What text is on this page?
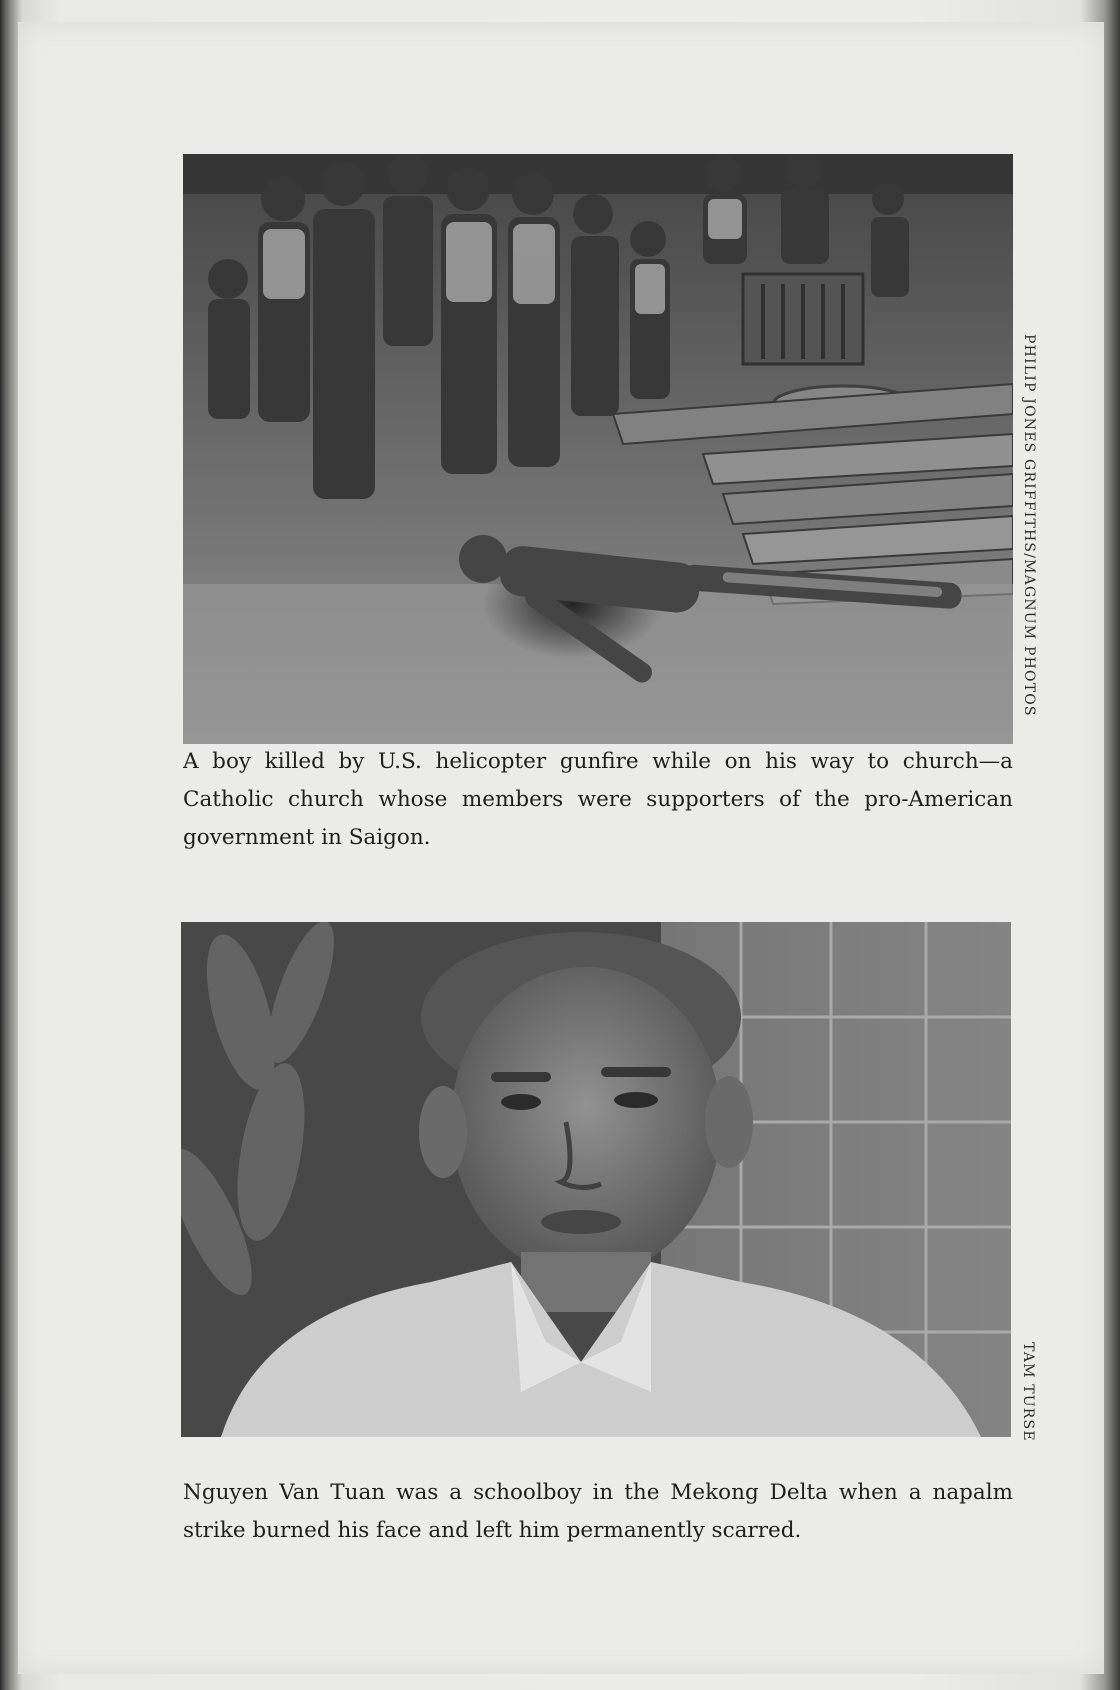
PHILIP JONES GRIFFITHS/MAGNUM PHOTOS

A boy killed by U.S. helicopter gunfire while on his way to church—a Catholic church whose members were supporters of the pro-American government in Saigon.

TAM TURSE

Nguyen Van Tuan was a schoolboy in the Mekong Delta when a napalm strike burned his face and left him permanently scarred.
